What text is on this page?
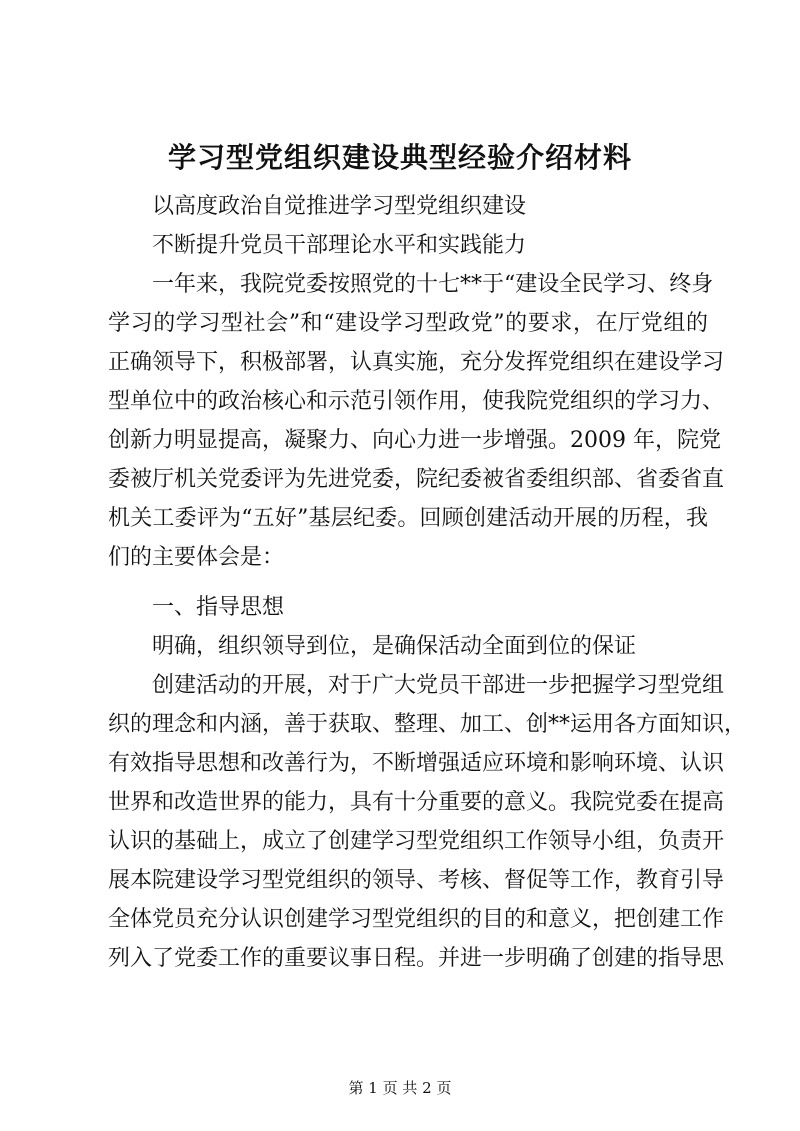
学习型党组织建设典型经验介绍材料
以高度政治自觉推进学习型党组织建设
不断提升党员干部理论水平和实践能力
一年来，我院党委按照党的十七**于“建设全民学习、终身
学习的学习型社会”和“建设学习型政党”的要求，在厅党组的
正确领导下，积极部署，认真实施，充分发挥党组织在建设学习
型单位中的政治核心和示范引领作用，使我院党组织的学习力、
创新力明显提高，凝聚力、向心力进一步增强。2009 年，院党
委被厅机关党委评为先进党委，院纪委被省委组织部、省委省直
机关工委评为“五好”基层纪委。回顾创建活动开展的历程，我
们的主要体会是：
一、指导思想
明确，组织领导到位，是确保活动全面到位的保证
创建活动的开展，对于广大党员干部进一步把握学习型党组
织的理念和内涵，善于获取、整理、加工、创**运用各方面知识，
有效指导思想和改善行为，不断增强适应环境和影响环境、认识
世界和改造世界的能力，具有十分重要的意义。我院党委在提高
认识的基础上，成立了创建学习型党组织工作领导小组，负责开
展本院建设学习型党组织的领导、考核、督促等工作，教育引导
全体党员充分认识创建学习型党组织的目的和意义，把创建工作
列入了党委工作的重要议事日程。并进一步明确了创建的指导思
第 1 页 共 2 页
